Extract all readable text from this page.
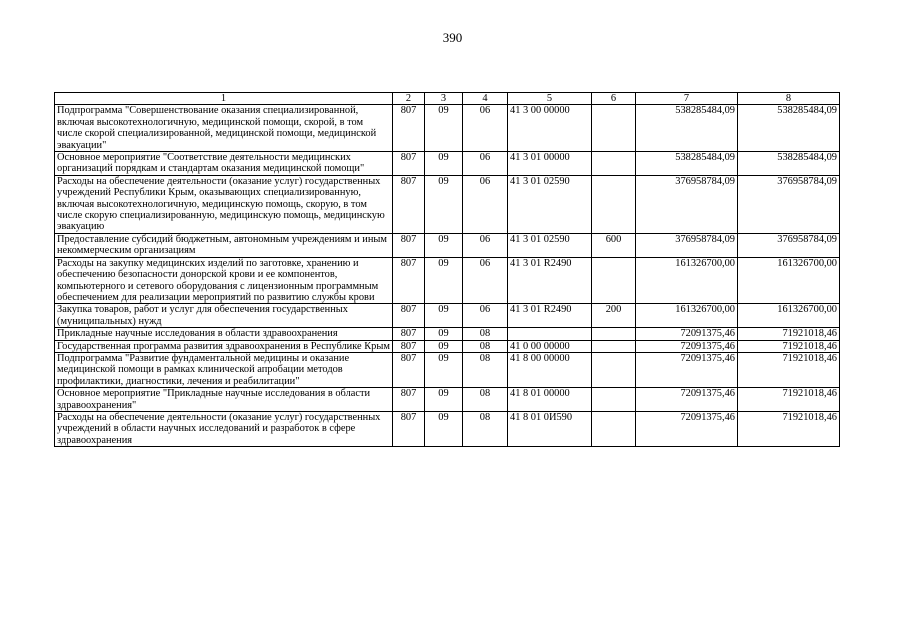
390
1	2	3	4	5	6	7	8
Подпрограмма "Совершенствование оказания специализированной, включая высокотехнологичную, медицинской помощи, скорой, в том числе скорой специализированной, медицинской помощи, медицинской эвакуации"	807	09	06	41 3 00 00000		538285484,09	538285484,09
Основное мероприятие "Соответствие деятельности медицинских организаций порядкам и стандартам оказания медицинской помощи"	807	09	06	41 3 01 00000		538285484,09	538285484,09
Расходы на обеспечение деятельности (оказание услуг) государственных учреждений Республики Крым, оказывающих специализированную, включая высокотехнологичную, медицинскую помощь, скорую, в том числе скорую специализированную, медицинскую помощь, медицинскую эвакуацию	807	09	06	41 3 01 02590		376958784,09	376958784,09
Предоставление субсидий бюджетным, автономным учреждениям и иным некоммерческим организациям	807	09	06	41 3 01 02590	600	376958784,09	376958784,09
Расходы на закупку медицинских изделий по заготовке, хранению и обеспечению безопасности донорской крови и ее компонентов, компьютерного и сетевого оборудования с лицензионным программным обеспечением для реализации мероприятий по развитию службы крови	807	09	06	41 3 01 R2490		161326700,00	161326700,00
Закупка товаров, работ и услуг для обеспечения государственных (муниципальных) нужд	807	09	06	41 3 01 R2490	200	161326700,00	161326700,00
Прикладные научные исследования в области здравоохранения	807	09	08			72091375,46	71921018,46
Государственная программа развития здравоохранения в Республике Крым	807	09	08	41 0 00 00000		72091375,46	71921018,46
Подпрограмма "Развитие фундаментальной медицины и оказание медицинской помощи в рамках клинической апробации методов профилактики, диагностики, лечения и реабилитации"	807	09	08	41 8 00 00000		72091375,46	71921018,46
Основное мероприятие "Прикладные научные исследования в области здравоохранения"	807	09	08	41 8 01 00000		72091375,46	71921018,46
Расходы на обеспечение деятельности (оказание услуг) государственных учреждений в области научных исследований и разработок в сфере здравоохранения	807	09	08	41 8 01 0И590		72091375,46	71921018,46
